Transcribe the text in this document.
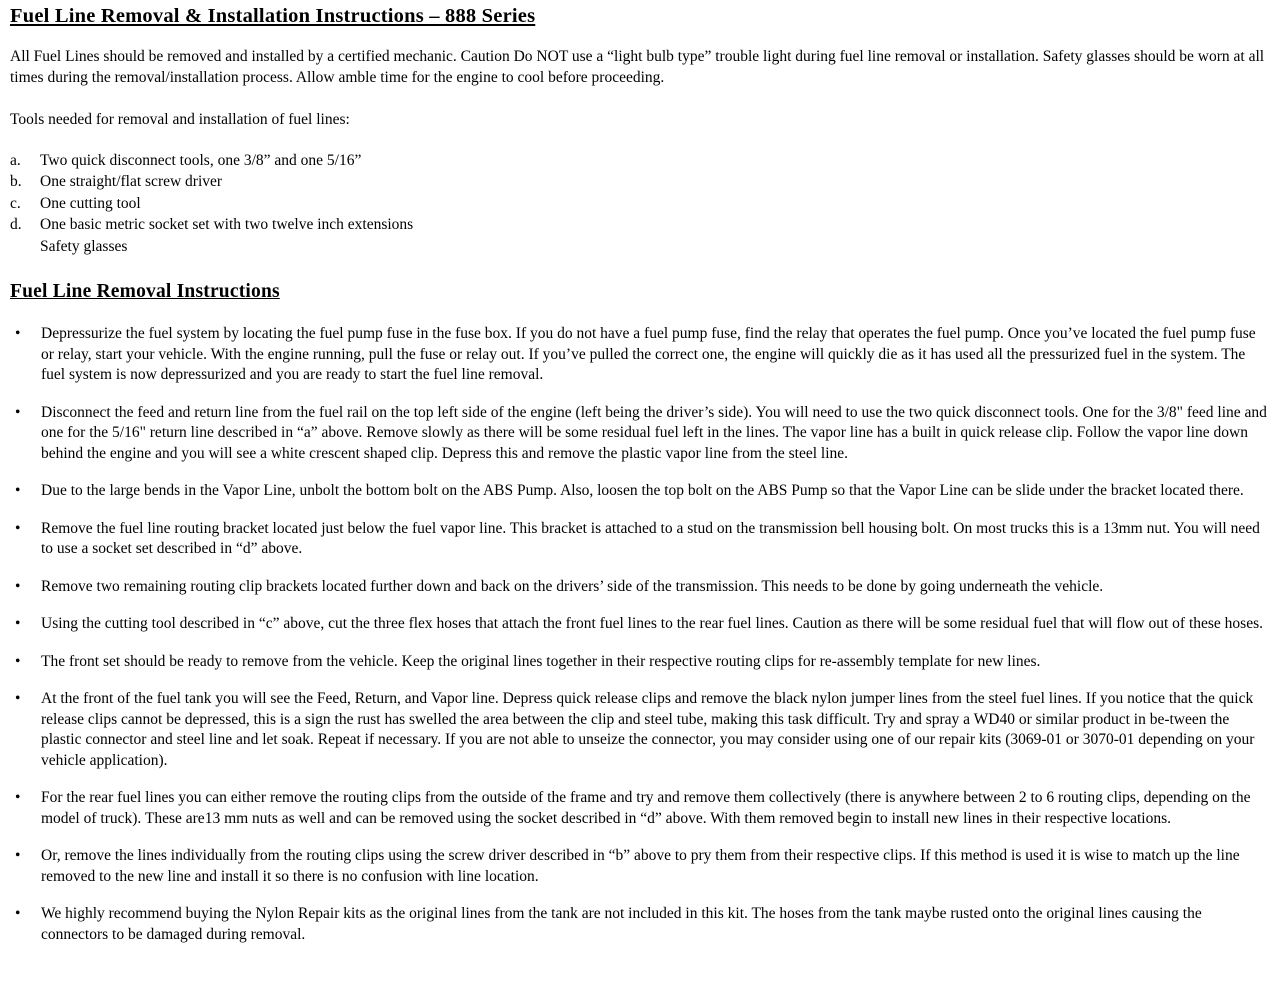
Fuel Line Removal & Installation Instructions – 888 Series

All Fuel Lines should be removed and installed by a certified mechanic. Caution Do NOT use a “light bulb type” trouble light during fuel line removal or installation. Safety glasses should be worn at all times during the removal/installation process. Allow amble time for the engine to cool before proceeding.

Tools needed for removal and installation of fuel lines:

a.	Two quick disconnect tools, one 3/8” and one 5/16”
b.	One straight/flat screw driver
c.	One cutting tool
d.	One basic metric socket set with two twelve inch extensions
Safety glasses
Fuel Line Removal Instructions
•
Depressurize the fuel system by locating the fuel pump fuse in the fuse box. If you do not have a fuel pump fuse, find the relay that operates the fuel pump. Once you’ve located the fuel pump fuse or relay, start your vehicle. With the engine running, pull the fuse or relay out. If you’ve pulled the correct one, the engine will quickly die as it has used all the pressurized fuel in the system. The fuel system is now depressurized and you are ready to start the fuel line removal.
•
Disconnect the feed and return line from the fuel rail on the top left side of the engine (left being the driver’s side). You will need to use the two quick disconnect tools. One for the 3/8" feed line and one for the 5/16" return line described in “a” above. Remove slowly as there will be some residual fuel left in the lines. The vapor line has a built in quick release clip. Follow the vapor line down behind the engine and you will see a white crescent shaped clip. Depress this and remove the plastic vapor line from the steel line.
•
Due to the large bends in the Vapor Line, unbolt the bottom bolt on the ABS Pump. Also, loosen the top bolt on the ABS Pump so that the Vapor Line can be slide under the bracket located there.
•
Remove the fuel line routing bracket located just below the fuel vapor line. This bracket is attached to a stud on the transmission bell housing bolt. On most trucks this is a 13mm nut. You will need to use a socket set described in “d” above.
•
Remove two remaining routing clip brackets located further down and back on the drivers’ side of the transmission. This needs to be done by going underneath the vehicle.
•
Using the cutting tool described in “c” above, cut the three flex hoses that attach the front fuel lines to the rear fuel lines. Caution as there will be some residual fuel that will flow out of these hoses.
•
The front set should be ready to remove from the vehicle. Keep the original lines together in their respective routing clips for re-assembly template for new lines.
•
At the front of the fuel tank you will see the Feed, Return, and Vapor line. Depress quick release clips and remove the black nylon jumper lines from the steel fuel lines. If you notice that the quick release clips cannot be depressed, this is a sign the rust has swelled the area between the clip and steel tube, making this task difficult. Try and spray a WD40 or similar product in be-tween the plastic connector and steel line and let soak. Repeat if necessary. If you are not able to unseize the connector, you may consider using one of our repair kits (3069-01 or 3070-01 depending on your vehicle application).
•
For the rear fuel lines you can either remove the routing clips from the outside of the frame and try and remove them collectively (there is anywhere between 2 to 6 routing clips, depending on the model of truck). These are13 mm nuts as well and can be removed using the socket described in “d” above. With them removed begin to install new lines in their respective locations.
•
Or, remove the lines individually from the routing clips using the screw driver described in “b” above to pry them from their respective clips. If this method is used it is wise to match up the line removed to the new line and install it so there is no confusion with line location.
•
We highly recommend buying the Nylon Repair kits as the original lines from the tank are not included in this kit. The hoses from the tank maybe rusted onto the original lines causing the connectors to be damaged during removal.
